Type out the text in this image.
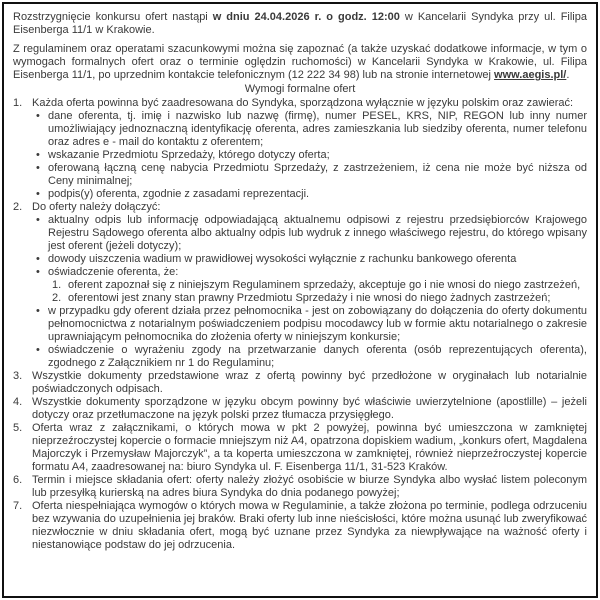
Rozstrzygnięcie konkursu ofert nastąpi w dniu 24.04.2026 r. o godz. 12:00 w Kancelarii Syndyka przy ul. Filipa Eisenberga 11/1 w Krakowie.

Z regulaminem oraz operatami szacunkowymi można się zapoznać (a także uzyskać dodatkowe informacje, w tym o wymogach formalnych ofert oraz o terminie oględzin ruchomości) w Kancelarii Syndyka w Krakowie, ul. Filipa Eisenberga 11/1, po uprzednim kontakcie telefonicznym (12 222 34 98) lub na stronie internetowej www.aegis.pl/.

Wymogi formalne ofert
1. Każda oferta powinna być zaadresowana do Syndyka, sporządzona wyłącznie w języku polskim oraz zawierać:
• dane oferenta, tj. imię i nazwisko lub nazwę (firmę), numer PESEL, KRS, NIP, REGON lub inny numer umożliwiający jednoznaczną identyfikację oferenta, adres zamieszkania lub siedziby oferenta, numer telefonu oraz adres e - mail do kontaktu z oferentem;
• wskazanie Przedmiotu Sprzedaży, którego dotyczy oferta;
• oferowaną łączną cenę nabycia Przedmiotu Sprzedaży, z zastrzeżeniem, iż cena nie może być niższa od Ceny minimalnej;
• podpis(y) oferenta, zgodnie z zasadami reprezentacji.
2. Do oferty należy dołączyć:
• aktualny odpis lub informację odpowiadającą aktualnemu odpisowi z rejestru przedsiębiorców Krajowego Rejestru Sądowego oferenta albo aktualny odpis lub wydruk z innego właściwego rejestru, do którego wpisany jest oferent (jeżeli dotyczy);
• dowody uiszczenia wadium w prawidłowej wysokości wyłącznie z rachunku bankowego oferenta
• oświadczenie oferenta, że:
1. oferent zapoznał się z niniejszym Regulaminem sprzedaży, akceptuje go i nie wnosi do niego zastrzeżeń,
2. oferentowi jest znany stan prawny Przedmiotu Sprzedaży i nie wnosi do niego żadnych zastrzeżeń;
• w przypadku gdy oferent działa przez pełnomocnika - jest on zobowiązany do dołączenia do oferty dokumentu pełnomocnictwa z notarialnym poświadczeniem podpisu mocodawcy lub w formie aktu notarialnego o zakresie uprawniającym pełnomocnika do złożenia oferty w niniejszym konkursie;
• oświadczenie o wyrażeniu zgody na przetwarzanie danych oferenta (osób reprezentujących oferenta), zgodnego z Załącznikiem nr 1 do Regulaminu;
3. Wszystkie dokumenty przedstawione wraz z ofertą powinny być przedłożone w oryginałach lub notarialnie poświadczonych odpisach.
4. Wszystkie dokumenty sporządzone w języku obcym powinny być właściwie uwierzytelnione (apostlille) – jeżeli dotyczy oraz przetłumaczone na język polski przez tłumacza przysięgłego.
5. Oferta wraz z załącznikami, o których mowa w pkt 2 powyżej, powinna być umieszczona w zamkniętej nieprzeźroczystej kopercie o formacie mniejszym niż A4, opatrzona dopiskiem wadium, „konkurs ofert, Magdalena Majorczyk i Przemysław Majorczyk”, a ta koperta umieszczona w zamkniętej, również nieprzeźroczystej kopercie formatu A4, zaadresowanej na: biuro Syndyka ul. F. Eisenberga 11/1, 31-523 Kraków.
6. Termin i miejsce składania ofert: oferty należy złożyć osobiście w biurze Syndyka albo wysłać listem poleconym lub przesyłką kurierską na adres biura Syndyka do dnia podanego powyżej;
7. Oferta niespełniająca wymogów o których mowa w Regulaminie, a także złożona po terminie, podlega odrzuceniu bez wzywania do uzupełnienia jej braków. Braki oferty lub inne nieścisłości, które można usunąć lub zweryfikować niezwłocznie w dniu składania ofert, mogą być uznane przez Syndyka za niewpływające na ważność oferty i niestanowiące podstaw do jej odrzucenia.
